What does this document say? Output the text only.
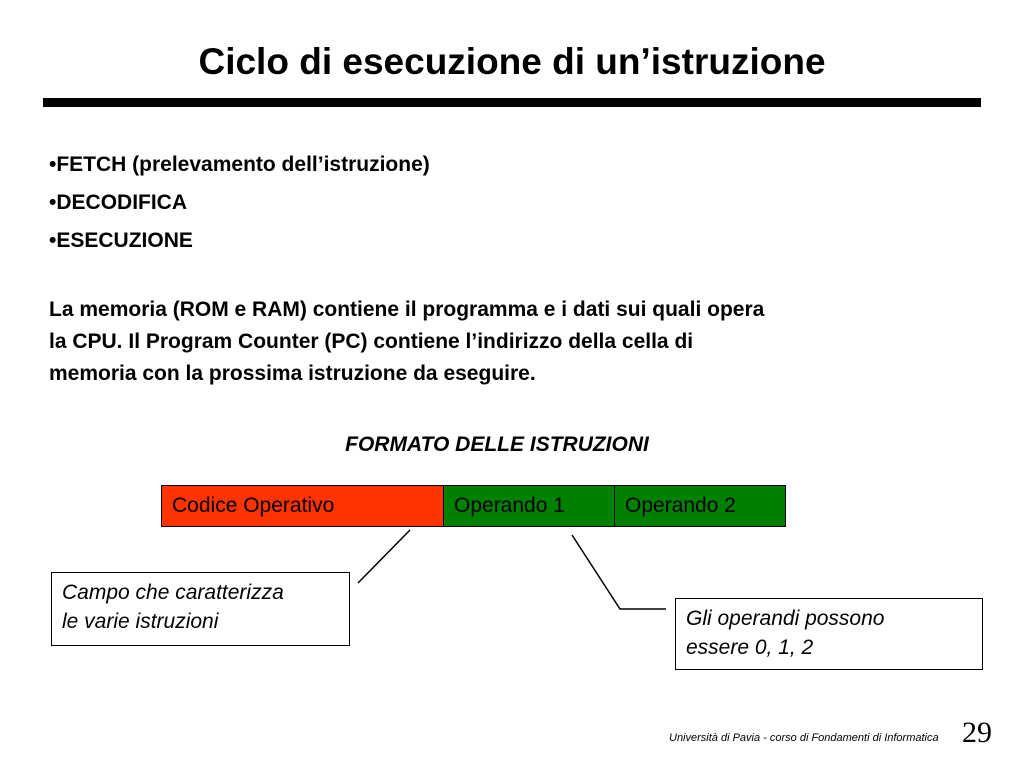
Ciclo di esecuzione di un’istruzione
•FETCH (prelevamento dell’istruzione)
•DECODIFICA
•ESECUZIONE
La memoria (ROM e RAM) contiene il programma e i dati sui quali opera
la CPU. Il Program Counter (PC) contiene l’indirizzo della cella di
memoria con la prossima istruzione da eseguire.
FORMATO DELLE ISTRUZIONI
Codice Operativo	Operando 1	Operando 2
Campo che caratterizza
le varie istruzioni	Gli operandi possono
essere 0, 1, 2
Università di Pavia - corso di Fondamenti di Informatica 29
